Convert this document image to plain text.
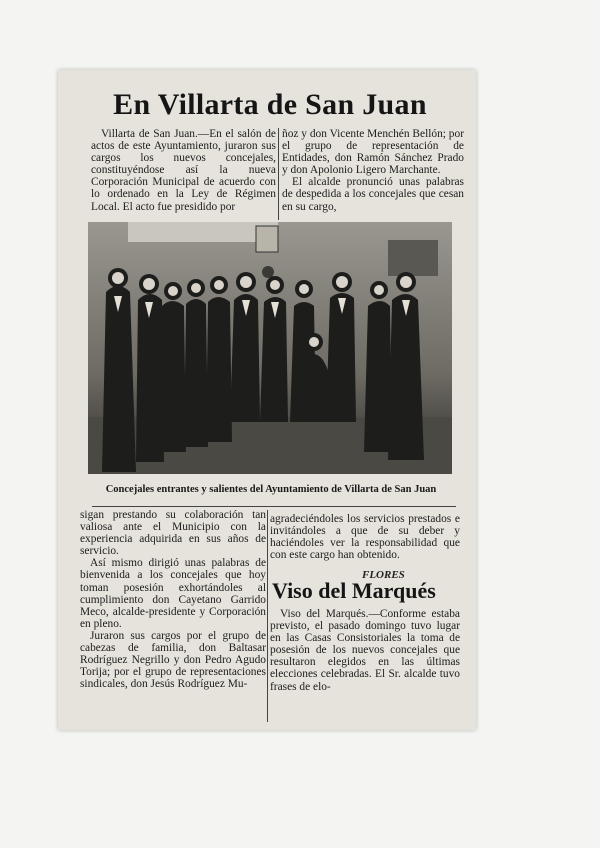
En Villarta de San Juan

Villarta de San Juan.—En el salón de actos de este Ayuntamiento, juraron sus cargos los nuevos concejales, constituyéndose así la nueva Corporación Municipal de acuerdo con lo ordenado en la Ley de Régimen Local. El acto fue presidido por

ñoz y don Vicente Menchén Bellón; por el grupo de representación de Entidades, don Ramón Sánchez Prado y don Apolonio Ligero Marchante.

El alcalde pronunció unas palabras de despedida a los concejales que cesan en su cargo,

Concejales entrantes y salientes del Ayuntamiento de Villarta de San Juan

sigan prestando su colaboración tan valiosa ante el Municipio con la experiencia adquirida en sus años de servicio.

Así mismo dirigió unas palabras de bienvenida a los concejales que hoy toman posesión exhortándoles al cumplimiento don Cayetano Garrido Meco, alcalde-presidente y Corporación en pleno.

Juraron sus cargos por el grupo de cabezas de familia, don Baltasar Rodríguez Negrillo y don Pedro Agudo Torija; por el grupo de representaciones sindicales, don Jesús Rodríguez Mu-

agradeciéndoles los servicios prestados e invitándoles a que de su deber y haciéndoles ver la responsabilidad que con este cargo han obtenido.

FLORES
Viso del Marqués

Viso del Marqués.—Conforme estaba previsto, el pasado domingo tuvo lugar en las Casas Consistoriales la toma de posesión de los nuevos concejales que resultaron elegidos en las últimas elecciones celebradas. El Sr. alcalde tuvo frases de elo-
